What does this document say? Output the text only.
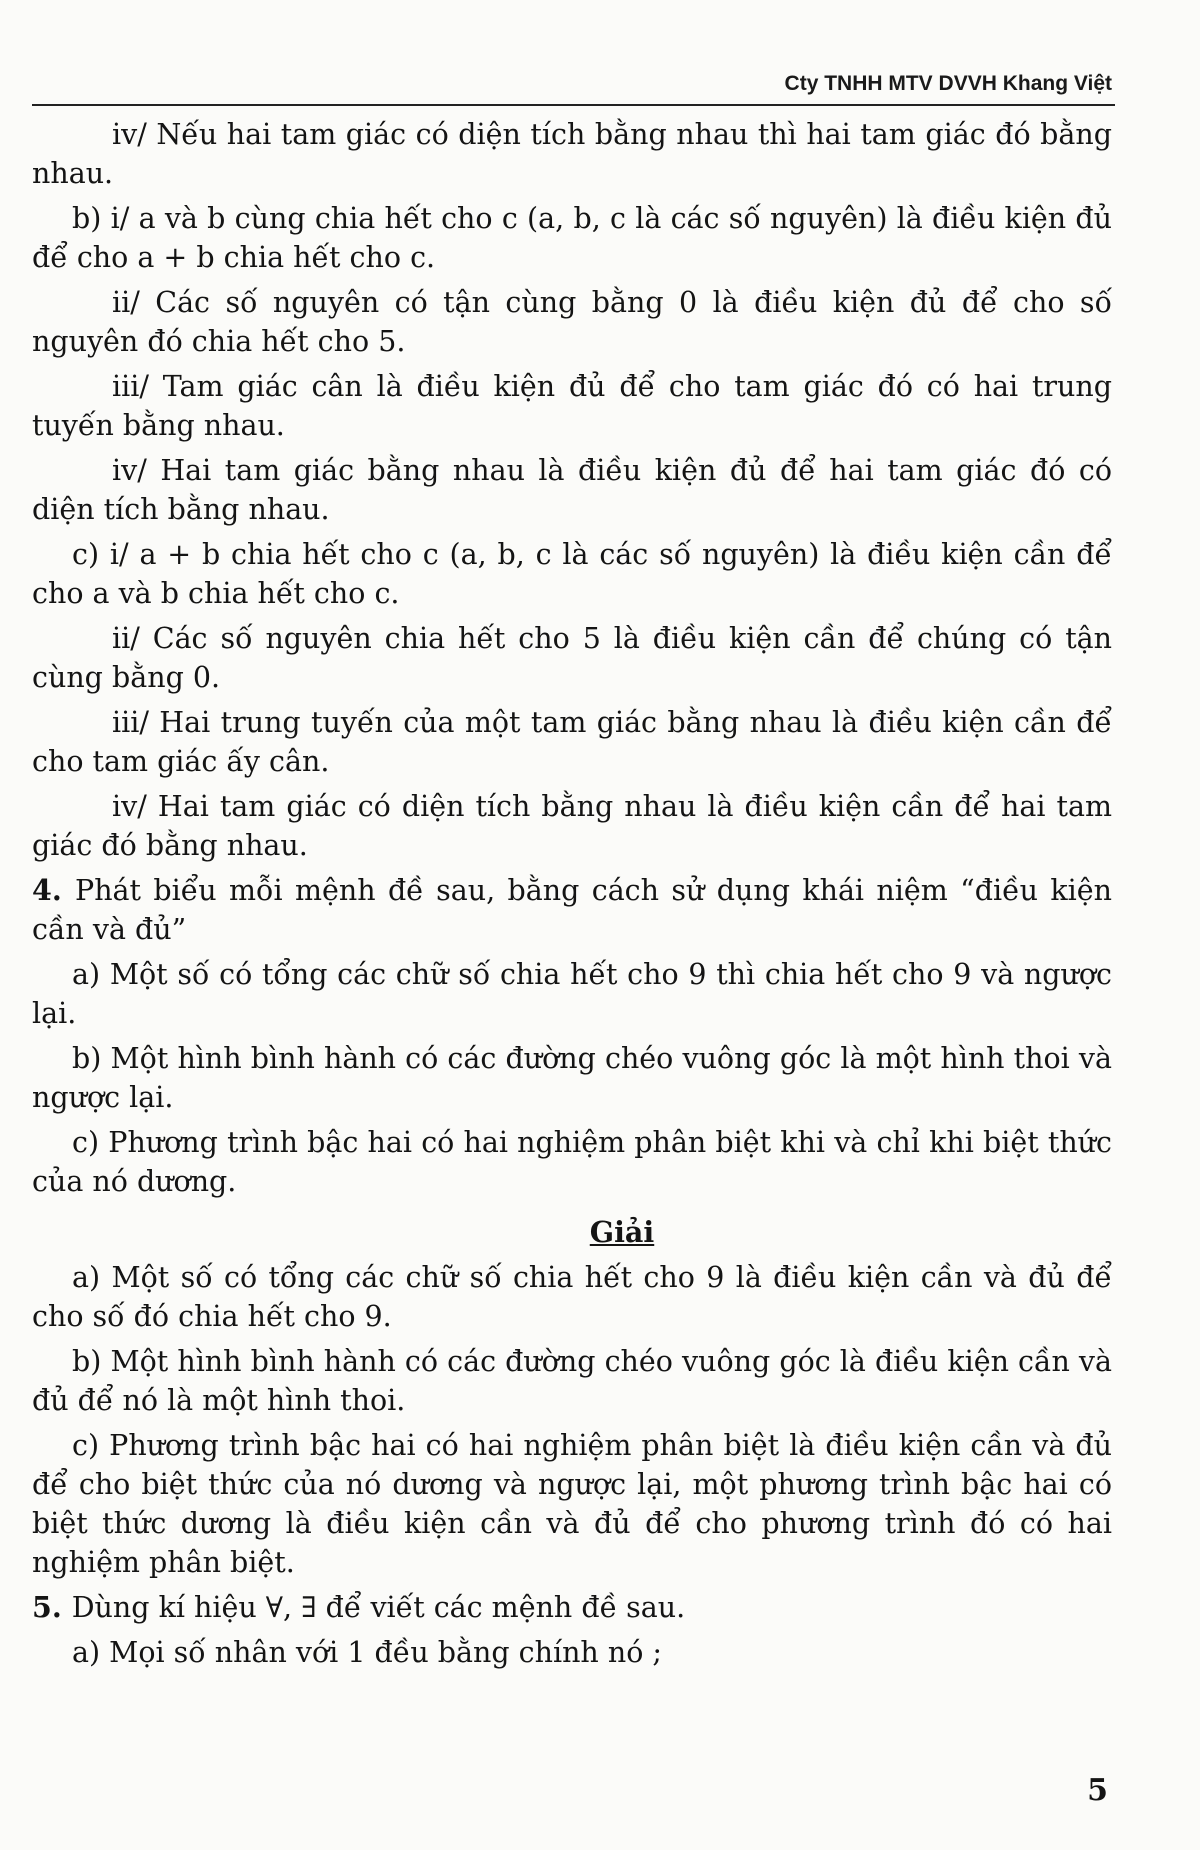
Cty TNHH MTV DVVH Khang Việt

iv/ Nếu hai tam giác có diện tích bằng nhau thì hai tam giác đó bằng nhau.

b) i/ a và b cùng chia hết cho c (a, b, c là các số nguyên) là điều kiện đủ để cho a + b chia hết cho c.

ii/ Các số nguyên có tận cùng bằng 0 là điều kiện đủ để cho số nguyên đó chia hết cho 5.

iii/ Tam giác cân là điều kiện đủ để cho tam giác đó có hai trung tuyến bằng nhau.

iv/ Hai tam giác bằng nhau là điều kiện đủ để hai tam giác đó có diện tích bằng nhau.

c) i/ a + b chia hết cho c (a, b, c là các số nguyên) là điều kiện cần để cho a và b chia hết cho c.

ii/ Các số nguyên chia hết cho 5 là điều kiện cần để chúng có tận cùng bằng 0.

iii/ Hai trung tuyến của một tam giác bằng nhau là điều kiện cần để cho tam giác ấy cân.

iv/ Hai tam giác có diện tích bằng nhau là điều kiện cần để hai tam giác đó bằng nhau.

4. Phát biểu mỗi mệnh đề sau, bằng cách sử dụng khái niệm “điều kiện cần và đủ”

a) Một số có tổng các chữ số chia hết cho 9 thì chia hết cho 9 và ngược lại.

b) Một hình bình hành có các đường chéo vuông góc là một hình thoi và ngược lại.

c) Phương trình bậc hai có hai nghiệm phân biệt khi và chỉ khi biệt thức của nó dương.

Giải

a) Một số có tổng các chữ số chia hết cho 9 là điều kiện cần và đủ để cho số đó chia hết cho 9.

b) Một hình bình hành có các đường chéo vuông góc là điều kiện cần và đủ để nó là một hình thoi.

c) Phương trình bậc hai có hai nghiệm phân biệt là điều kiện cần và đủ để cho biệt thức của nó dương và ngược lại, một phương trình bậc hai có biệt thức dương là điều kiện cần và đủ để cho phương trình đó có hai nghiệm phân biệt.

5. Dùng kí hiệu ∀, ∃ để viết các mệnh đề sau.

a) Mọi số nhân với 1 đều bằng chính nó ;

5
